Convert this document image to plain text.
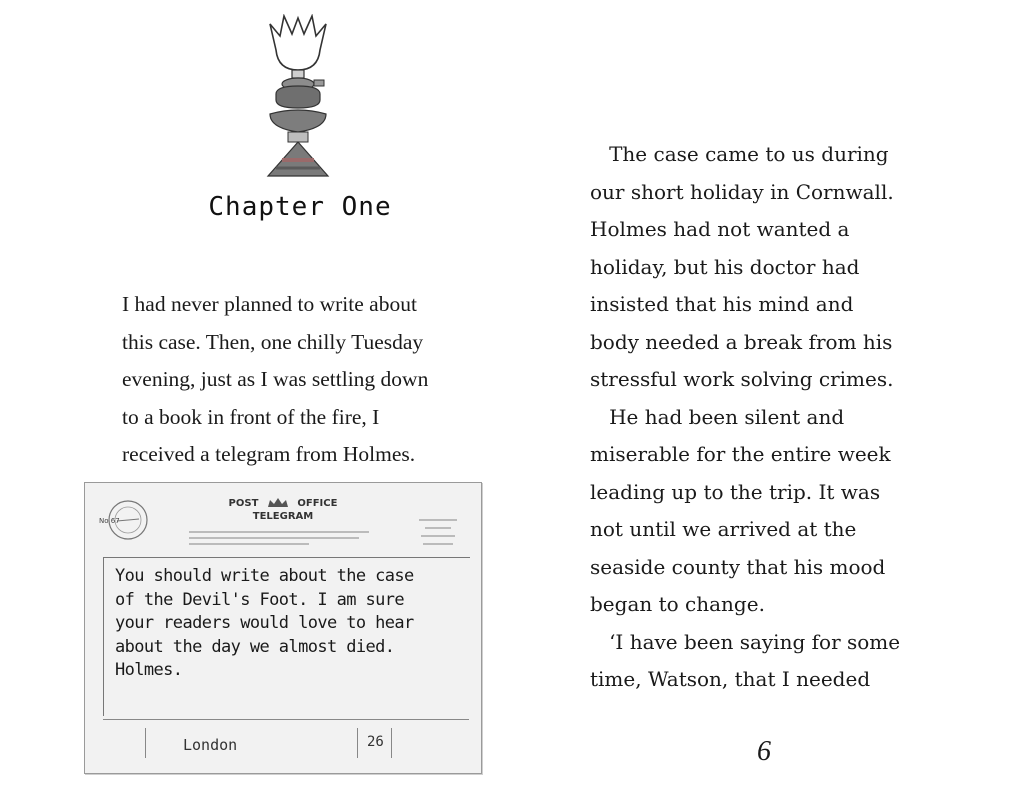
Chapter One

I had never planned to write about

this case. Then, one chilly Tuesday

evening, just as I was settling down

to a book in front of the fire, I

received a telegram from Holmes.

No 67
POST	OFFICE
TELEGRAM
You should write about the case
of the Devil's Foot. I am sure
your readers would love to hear
about the day we almost died.
Holmes.
London	26

The case came to us during

our short holiday in Cornwall.

Holmes had not wanted a

holiday, but his doctor had

insisted that his mind and

body needed a break from his

stressful work solving crimes.

He had been silent and

miserable for the entire week

leading up to the trip. It was

not until we arrived at the

seaside county that his mood

began to change.

‘I have been saying for some

time, Watson, that I needed

6
